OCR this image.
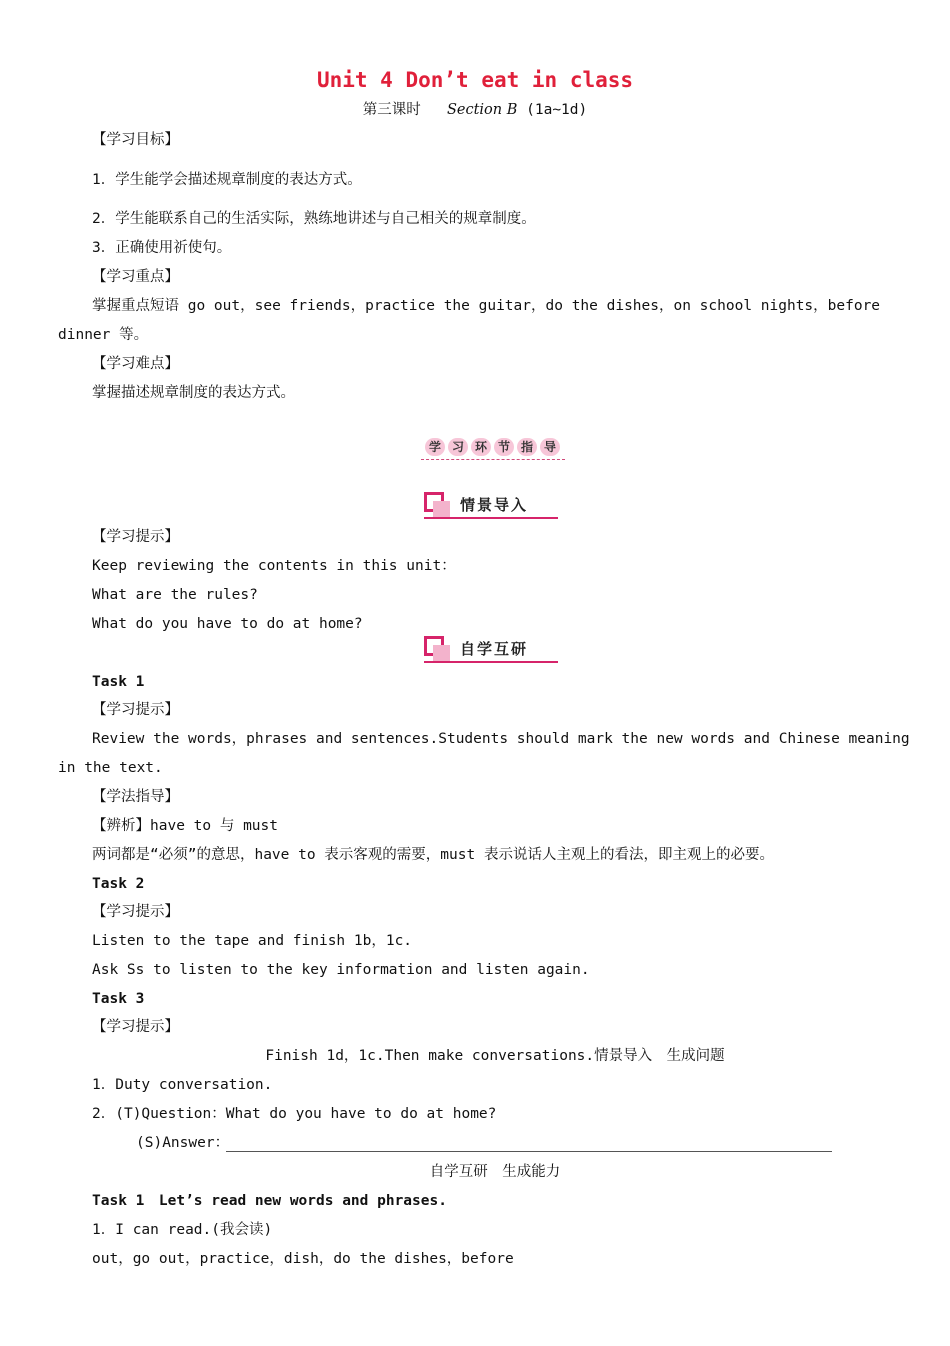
Unit 4 Don’t eat in class
第三课时 Section B (1a~1d)
【学习目标】
1．学生能学会描述规章制度的表达方式。
2．学生能联系自己的生活实际，熟练地讲述与自己相关的规章制度。
3．正确使用祈使句。
【学习重点】
掌握重点短语 go out，see friends，practice the guitar，do the dishes，on school nights，before
dinner 等。
【学习难点】
掌握描述规章制度的表达方式。
学 习 环 节 指 导
情景导入
【学习提示】
Keep reviewing the contents in this unit：
What are the rules?
What do you have to do at home?
自学互研
Task 1
【学习提示】
Review the words，phrases and sentences.Students should mark the new words and Chinese meaning
in the text.
【学法指导】
【辨析】have to 与 must
两词都是“必须”的意思，have to 表示客观的需要，must 表示说话人主观上的看法，即主观上的必要。
Task 2
【学习提示】
Listen to the tape and finish 1b，1c.
Ask Ss to listen to the key information and listen again.
Task 3
【学习提示】
Finish 1d，1c.Then make conversations.情景导入　生成问题
1．Duty conversation.
2．(T)Question：What do you have to do at home?
(S)Answer：
自学互研　生成能力
Task 1　Let’s read new words and phrases.
1．I can read.(我会读)
out，go out，practice，dish，do the dishes，before
